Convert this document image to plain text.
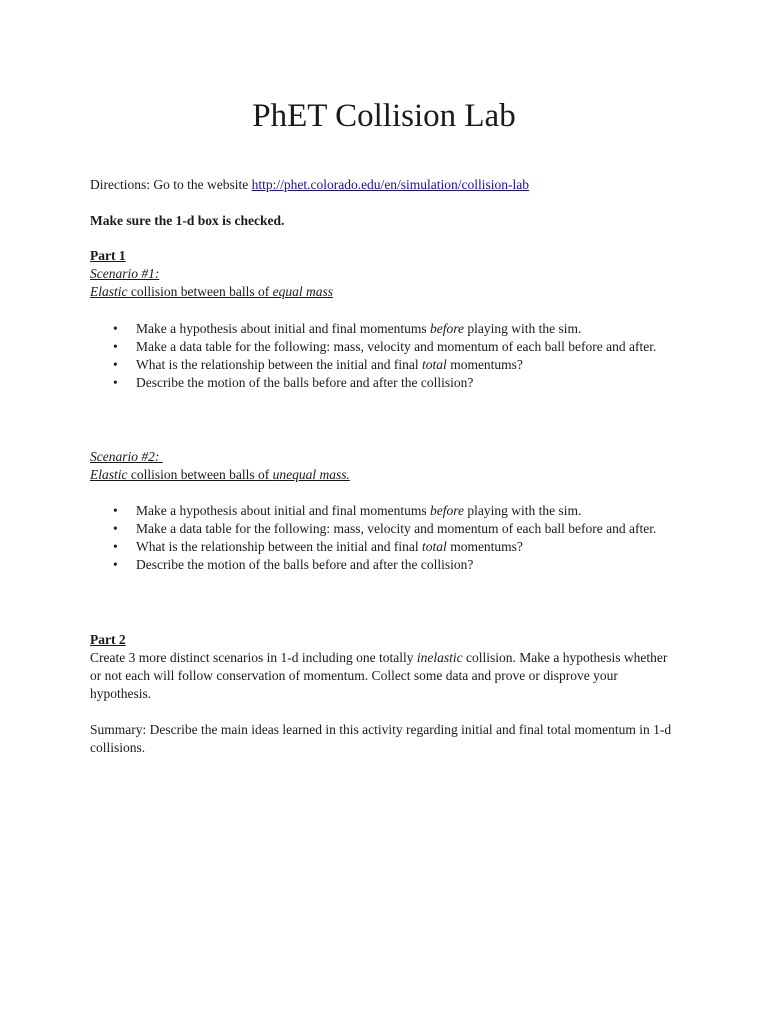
PhET Collision Lab

Directions: Go to the website http://phet.colorado.edu/en/simulation/collision-lab

Make sure the 1-d box is checked.

Part 1

Scenario #1:

Elastic collision between balls of equal mass

• Make a hypothesis about initial and final momentums before playing with the sim.
• Make a data table for the following: mass, velocity and momentum of each ball before and after.
• What is the relationship between the initial and final total momentums?
• Describe the motion of the balls before and after the collision?

Scenario #2:

Elastic collision between balls of unequal mass.

• Make a hypothesis about initial and final momentums before playing with the sim.
• Make a data table for the following: mass, velocity and momentum of each ball before and after.
• What is the relationship between the initial and final total momentums?
• Describe the motion of the balls before and after the collision?

Part 2

Create 3 more distinct scenarios in 1-d including one totally inelastic collision. Make a hypothesis whether or not each will follow conservation of momentum. Collect some data and prove or disprove your hypothesis.

Summary: Describe the main ideas learned in this activity regarding initial and final total momentum in 1-d collisions.
